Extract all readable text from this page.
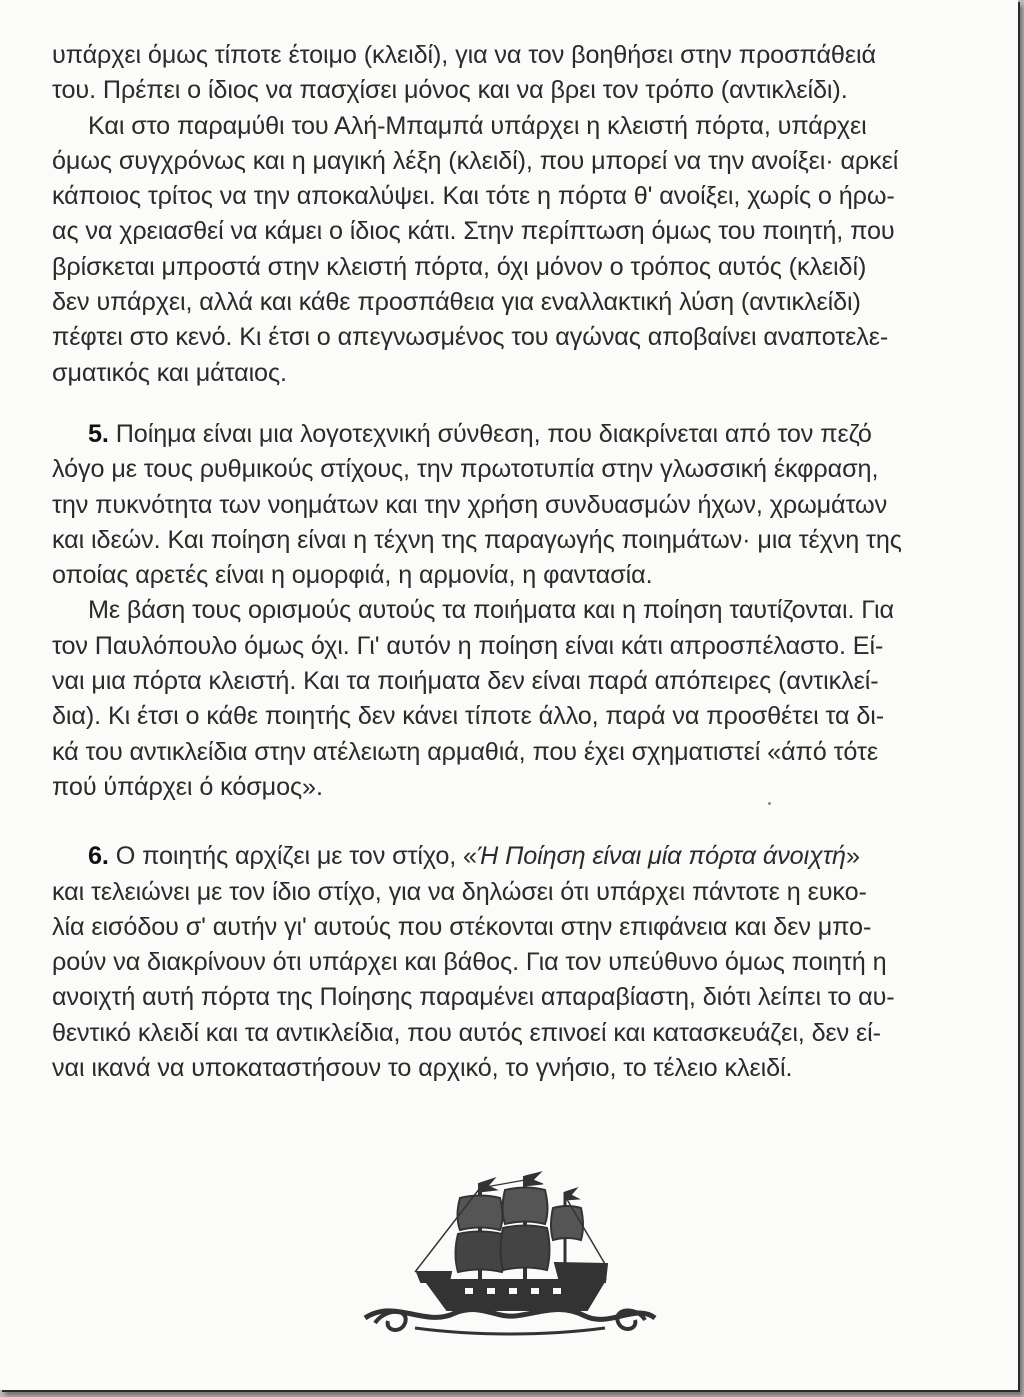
υπάρχει όμως τίποτε έτοιμο (κλειδί), για να τον βοηθήσει στην προσπάθειά
του. Πρέπει ο ίδιος να πασχίσει μόνος και να βρει τον τρόπο (αντικλείδι).
Και στο παραμύθι του Αλή-Μπαμπά υπάρχει η κλειστή πόρτα, υπάρχει
όμως συγχρόνως και η μαγική λέξη (κλειδί), που μπορεί να την ανοίξει· αρκεί
κάποιος τρίτος να την αποκαλύψει. Και τότε η πόρτα θ' ανοίξει, χωρίς ο ήρω-
ας να χρειασθεί να κάμει ο ίδιος κάτι. Στην περίπτωση όμως του ποιητή, που
βρίσκεται μπροστά στην κλειστή πόρτα, όχι μόνον ο τρόπος αυτός (κλειδί)
δεν υπάρχει, αλλά και κάθε προσπάθεια για εναλλακτική λύση (αντικλείδι)
πέφτει στο κενό. Κι έτσι ο απεγνωσμένος του αγώνας αποβαίνει αναποτελε-
σματικός και μάταιος.
5. Ποίημα είναι μια λογοτεχνική σύνθεση, που διακρίνεται από τον πεζό
λόγο με τους ρυθμικούς στίχους, την πρωτοτυπία στην γλωσσική έκφραση,
την πυκνότητα των νοημάτων και την χρήση συνδυασμών ήχων, χρωμάτων
και ιδεών. Και ποίηση είναι η τέχνη της παραγωγής ποιημάτων· μια τέχνη της
οποίας αρετές είναι η ομορφιά, η αρμονία, η φαντασία.
Με βάση τους ορισμούς αυτούς τα ποιήματα και η ποίηση ταυτίζονται. Για
τον Παυλόπουλο όμως όχι. Γι' αυτόν η ποίηση είναι κάτι απροσπέλαστο. Εί-
ναι μια πόρτα κλειστή. Και τα ποιήματα δεν είναι παρά απόπειρες (αντικλεί-
δια). Κι έτσι ο κάθε ποιητής δεν κάνει τίποτε άλλο, παρά να προσθέτει τα δι-
κά του αντικλείδια στην ατέλειωτη αρμαθιά, που έχει σχηματιστεί «άπό τότε
πού ύπάρχει ό κόσμος».
6. Ο ποιητής αρχίζει με τον στίχο, «Ή Ποίηση είναι μία πόρτα άνοιχτή»
και τελειώνει με τον ίδιο στίχο, για να δηλώσει ότι υπάρχει πάντοτε η ευκο-
λία εισόδου σ' αυτήν γι' αυτούς που στέκονται στην επιφάνεια και δεν μπο-
ρούν να διακρίνουν ότι υπάρχει και βάθος. Για τον υπεύθυνο όμως ποιητή η
ανοιχτή αυτή πόρτα της Ποίησης παραμένει απαραβίαστη, διότι λείπει το αυ-
θεντικό κλειδί και τα αντικλείδια, που αυτός επινοεί και κατασκευάζει, δεν εί-
ναι ικανά να υποκαταστήσουν το αρχικό, το γνήσιο, το τέλειο κλειδί.
